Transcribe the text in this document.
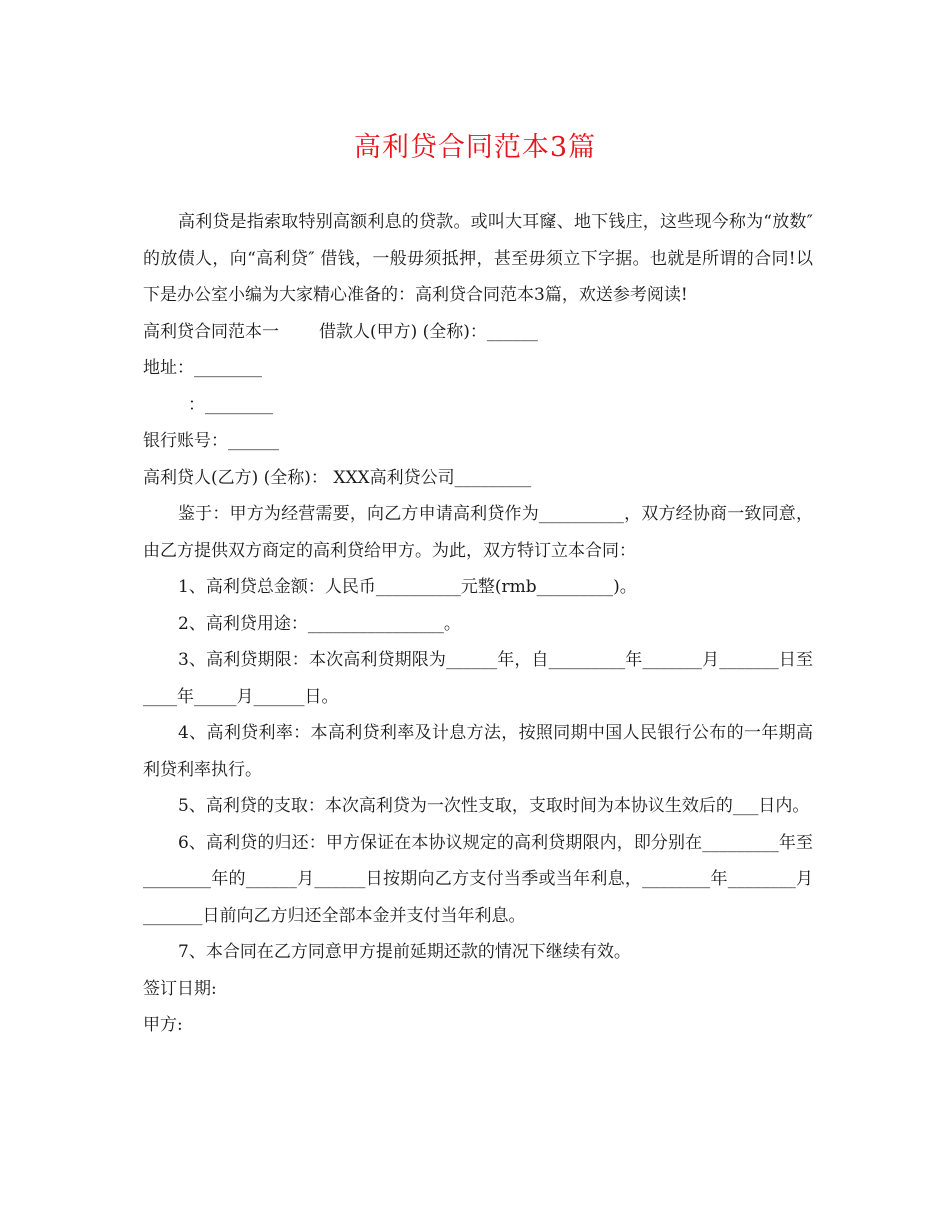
高利贷合同范本3篇

高利贷是指索取特别高额利息的贷款。或叫大耳窿、地下钱庄，这些现今称为“放数″ 的放债人，向“高利贷″ 借钱，一般毋须抵押，甚至毋须立下字据。也就是所谓的合同!以下是办公室小编为大家精心准备的：高利贷合同范本3篇，欢送参考阅读!

高利贷合同范本一 借款人(甲方) (全称)：______

地址：________

：________

银行账号：______

高利贷人(乙方) (全称)： XXX高利贷公司_________

鉴于：甲方为经营需要，向乙方申请高利贷作为__________，双方经协商一致同意，由乙方提供双方商定的高利贷给甲方。为此，双方特订立本合同：

1、高利贷总金额：人民币__________元整(rmb_________)。

2、高利贷用途：________________。

3、高利贷期限：本次高利贷期限为______年，自_________年_______月_______日至____年_____月______日。

4、高利贷利率：本高利贷利率及计息方法，按照同期中国人民银行公布的一年期高利贷利率执行。

5、高利贷的支取：本次高利贷为一次性支取，支取时间为本协议生效后的___日内。

6、高利贷的归还：甲方保证在本协议规定的高利贷期限内，即分别在_________年至________年的______月______日按期向乙方支付当季或当年利息，________年________月_______日前向乙方归还全部本金并支付当年利息。

7、本合同在乙方同意甲方提前延期还款的情况下继续有效。

签订日期:

甲方:
